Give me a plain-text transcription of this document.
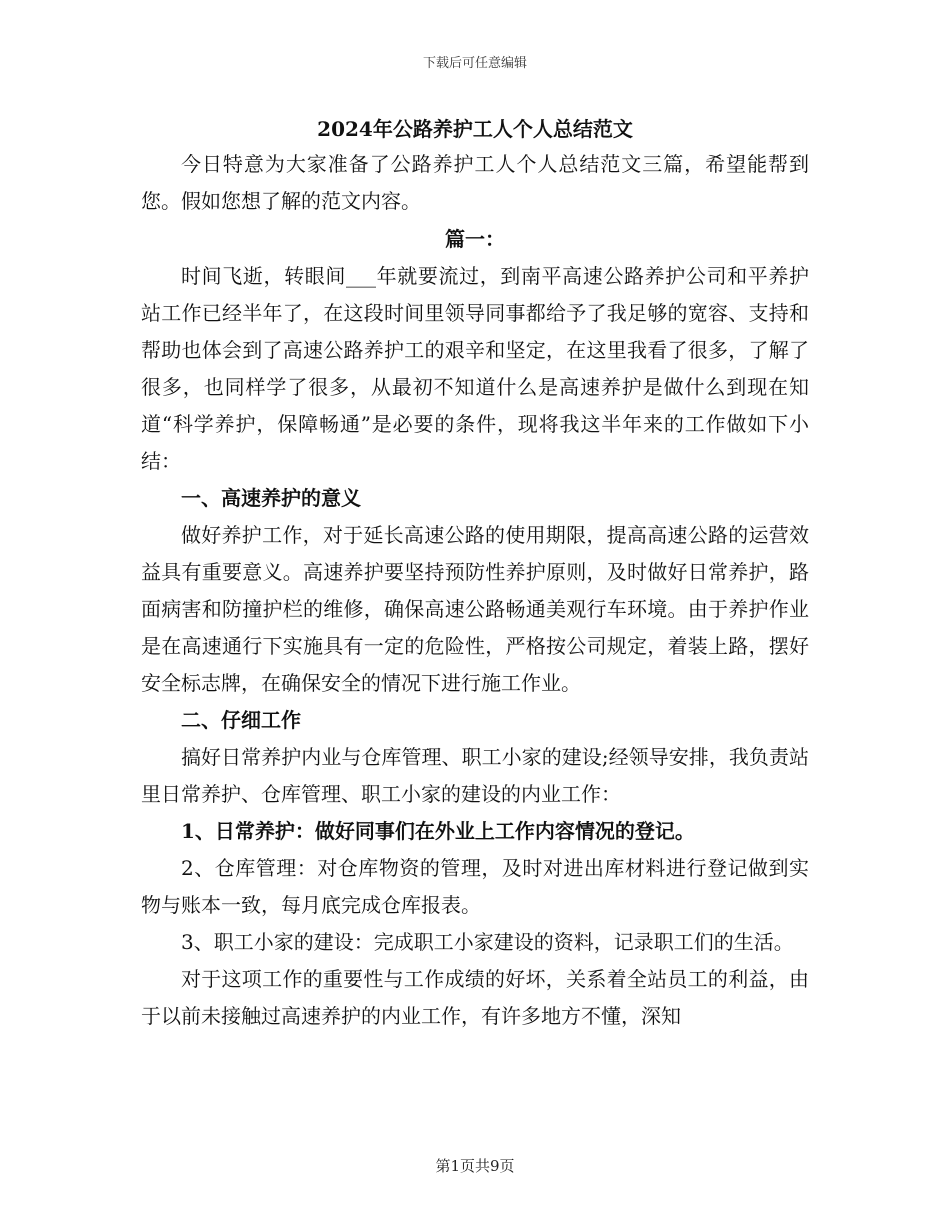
下载后可任意编辑

2024年公路养护工人个人总结范文

今日特意为大家准备了公路养护工人个人总结范文三篇，希望能帮到您。假如您想了解的范文内容。

篇一：

时间飞逝，转眼间___年就要流过，到南平高速公路养护公司和平养护站工作已经半年了，在这段时间里领导同事都给予了我足够的宽容、支持和帮助也体会到了高速公路养护工的艰辛和坚定，在这里我看了很多，了解了很多，也同样学了很多，从最初不知道什么是高速养护是做什么到现在知道“科学养护，保障畅通”是必要的条件，现将我这半年来的工作做如下小结：

一、高速养护的意义

做好养护工作，对于延长高速公路的使用期限，提高高速公路的运营效益具有重要意义。高速养护要坚持预防性养护原则，及时做好日常养护，路面病害和防撞护栏的维修，确保高速公路畅通美观行车环境。由于养护作业是在高速通行下实施具有一定的危险性，严格按公司规定，着装上路，摆好安全标志牌，在确保安全的情况下进行施工作业。

二、仔细工作

搞好日常养护内业与仓库管理、职工小家的建设;经领导安排，我负责站里日常养护、仓库管理、职工小家的建设的内业工作：

1、日常养护：做好同事们在外业上工作内容情况的登记。

2、仓库管理：对仓库物资的管理，及时对进出库材料进行登记做到实物与账本一致，每月底完成仓库报表。

3、职工小家的建设：完成职工小家建设的资料，记录职工们的生活。

对于这项工作的重要性与工作成绩的好坏，关系着全站员工的利益，由于以前未接触过高速养护的内业工作，有许多地方不懂，深知

第1页共9页
